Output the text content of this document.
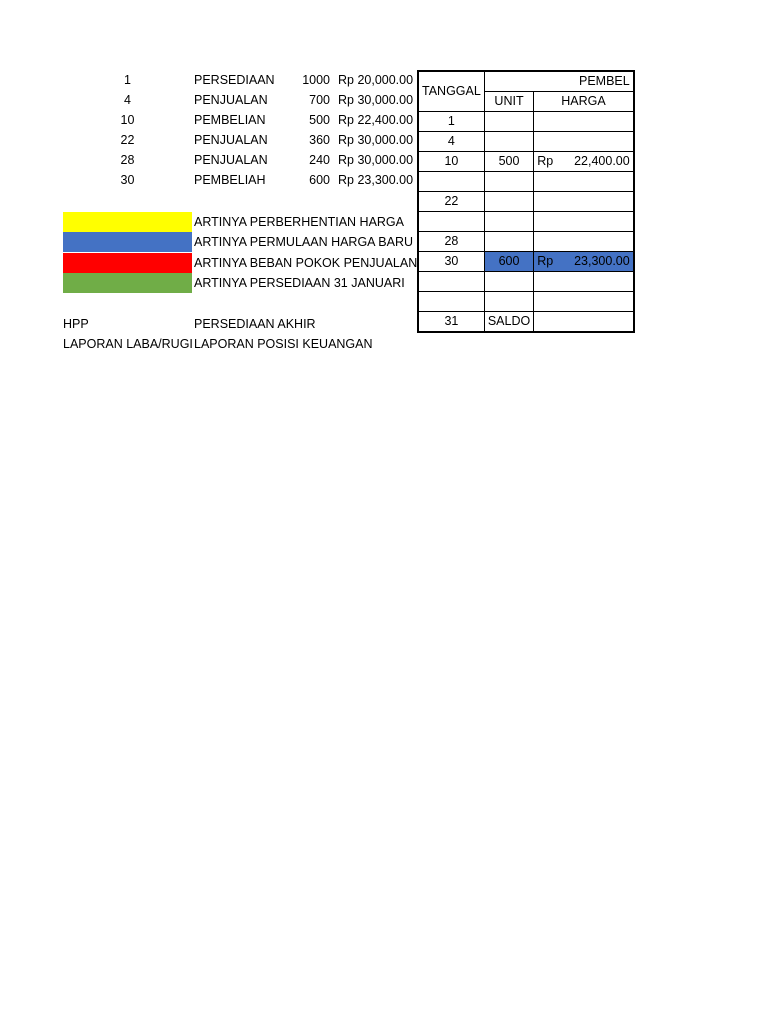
1	PERSEDIAAN	1000 Rp 20,000.00
4	PENJUALAN	700 Rp 30,000.00
10	PEMBELIAN	500 Rp 22,400.00
22	PENJUALAN	360 Rp 30,000.00
28	PENJUALAN	240 Rp 30,000.00
30	PEMBELIAH	600 Rp 23,300.00
ARTINYA PERBERHENTIAN HARGA
ARTINYA PERMULAAN HARGA BARU
ARTINYA BEBAN POKOK PENJUALAN
ARTINYA PERSEDIAAN 31 JANUARI
HPP	PERSEDIAAN AKHIR
LAPORAN LABA/RUGI LAPORAN POSISI KEUANGAN
TANGGAL	PEMBEL	
	UNIT	HARGA
1		

4		

10	500	Rp 22,400.00

22		

28		

30	600	Rp 23,300.00

31	SALDO	
